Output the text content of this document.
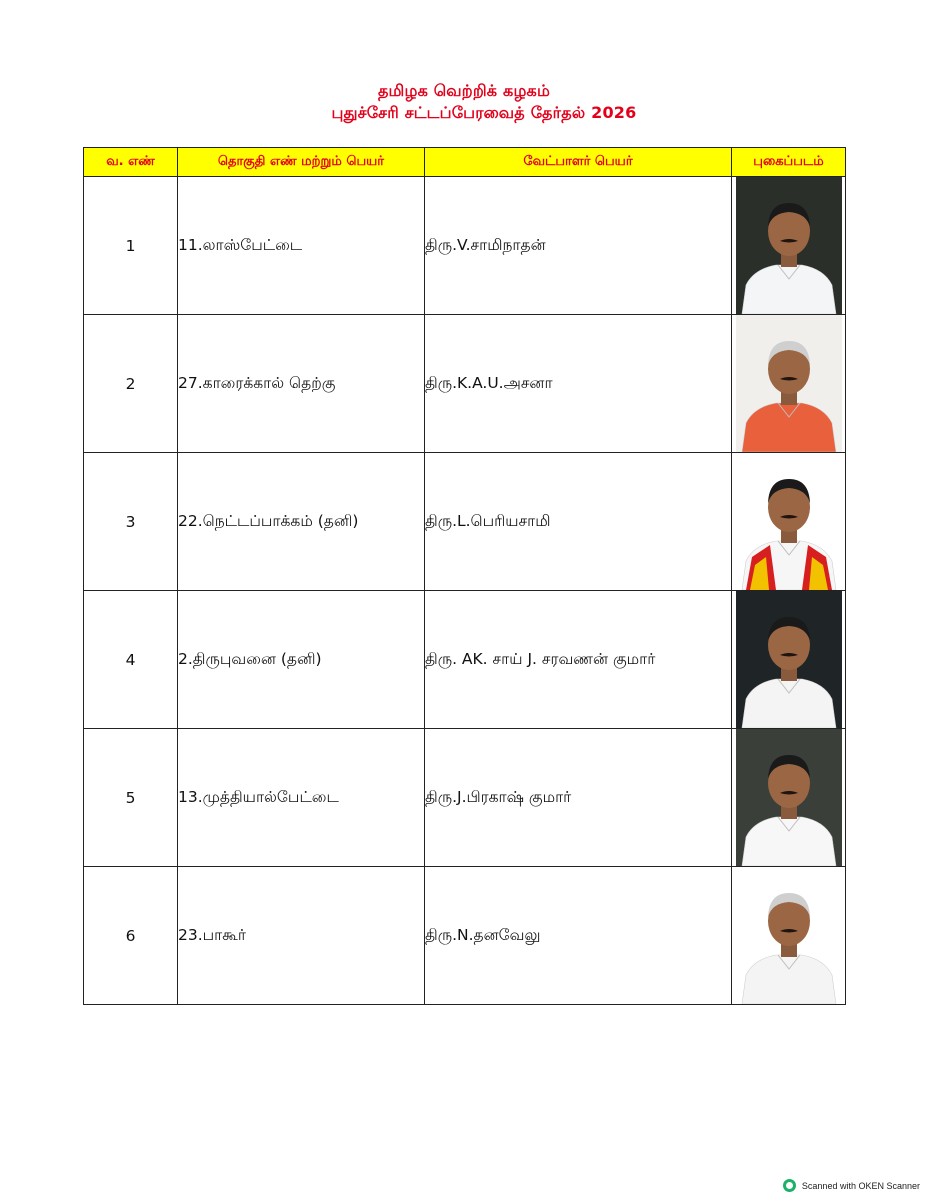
தமிழக வெற்றிக் கழகம்
புதுச்சேரி சட்டப்பேரவைத் தேர்தல் 2026
வ. எண்	தொகுதி எண் மற்றும் பெயர்	வேட்பாளர் பெயர்	புகைப்படம்
1	11.லாஸ்பேட்டை	திரு.V.சாமிநாதன்	

2	27.காரைக்கால் தெற்கு	திரு.K.A.U.அசனா	

3	22.நெட்டப்பாக்கம் (தனி)	திரு.L.பெரியசாமி	

4	2.திருபுவனை (தனி)	திரு. AK. சாய் J. சரவணன் குமார்	

5	13.முத்தியால்பேட்டை	திரு.J.பிரகாஷ் குமார்	

6	23.பாகூர்	திரு.N.தனவேலு	
Scanned with OKEN Scanner
